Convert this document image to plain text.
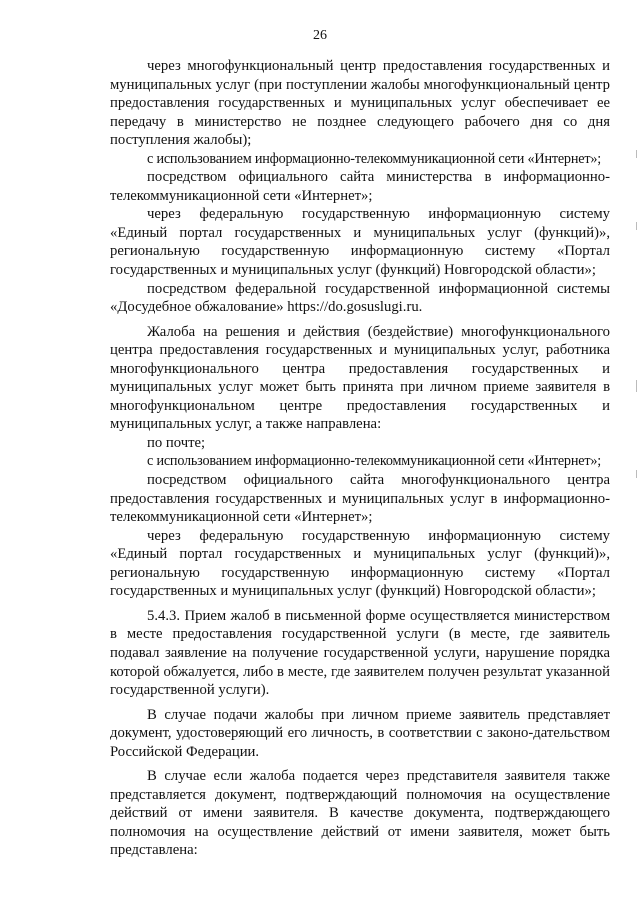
26

через многофункциональный центр предоставления государственных и муниципальных услуг (при поступлении жалобы многофункциональный центр предоставления государственных и муниципальных услуг обеспечивает ее передачу в министерство не позднее следующего рабочего дня со дня поступления жалобы);

с использованием информационно-телекоммуникационной сети «Интернет»;

посредством официального сайта министерства в информационно-телекоммуникационной сети «Интернет»;

через федеральную государственную информационную систему «Единый портал государственных и муниципальных услуг (функций)», региональную государственную информационную систему «Портал государственных и муниципальных услуг (функций) Новгородской области»;

посредством федеральной государственной информационной системы «Досудебное обжалование» https://do.gosuslugi.ru.

Жалоба на решения и действия (бездействие) многофункционального центра предоставления государственных и муниципальных услуг, работника многофункционального центра предоставления государственных и муниципальных услуг может быть принята при личном приеме заявителя в многофункциональном центре предоставления государственных и муниципальных услуг, а также направлена:

по почте;

с использованием информационно-телекоммуникационной сети «Интернет»;

посредством официального сайта многофункционального центра предоставления государственных и муниципальных услуг в информационно-телекоммуникационной сети «Интернет»;

через федеральную государственную информационную систему «Единый портал государственных и муниципальных услуг (функций)», региональную государственную информационную систему «Портал государственных и муниципальных услуг (функций) Новгородской области»;

5.4.3. Прием жалоб в письменной форме осуществляется министерством в месте предоставления государственной услуги (в месте, где заявитель подавал заявление на получение государственной услуги, нарушение порядка которой обжалуется, либо в месте, где заявителем получен результат указанной государственной услуги).

В случае подачи жалобы при личном приеме заявитель представляет документ, удостоверяющий его личность, в соответствии с законо-дательством Российской Федерации.

В случае если жалоба подается через представителя заявителя также представляется документ, подтверждающий полномочия на осуществление действий от имени заявителя. В качестве документа, подтверждающего полномочия на осуществление действий от имени заявителя, может быть представлена:
